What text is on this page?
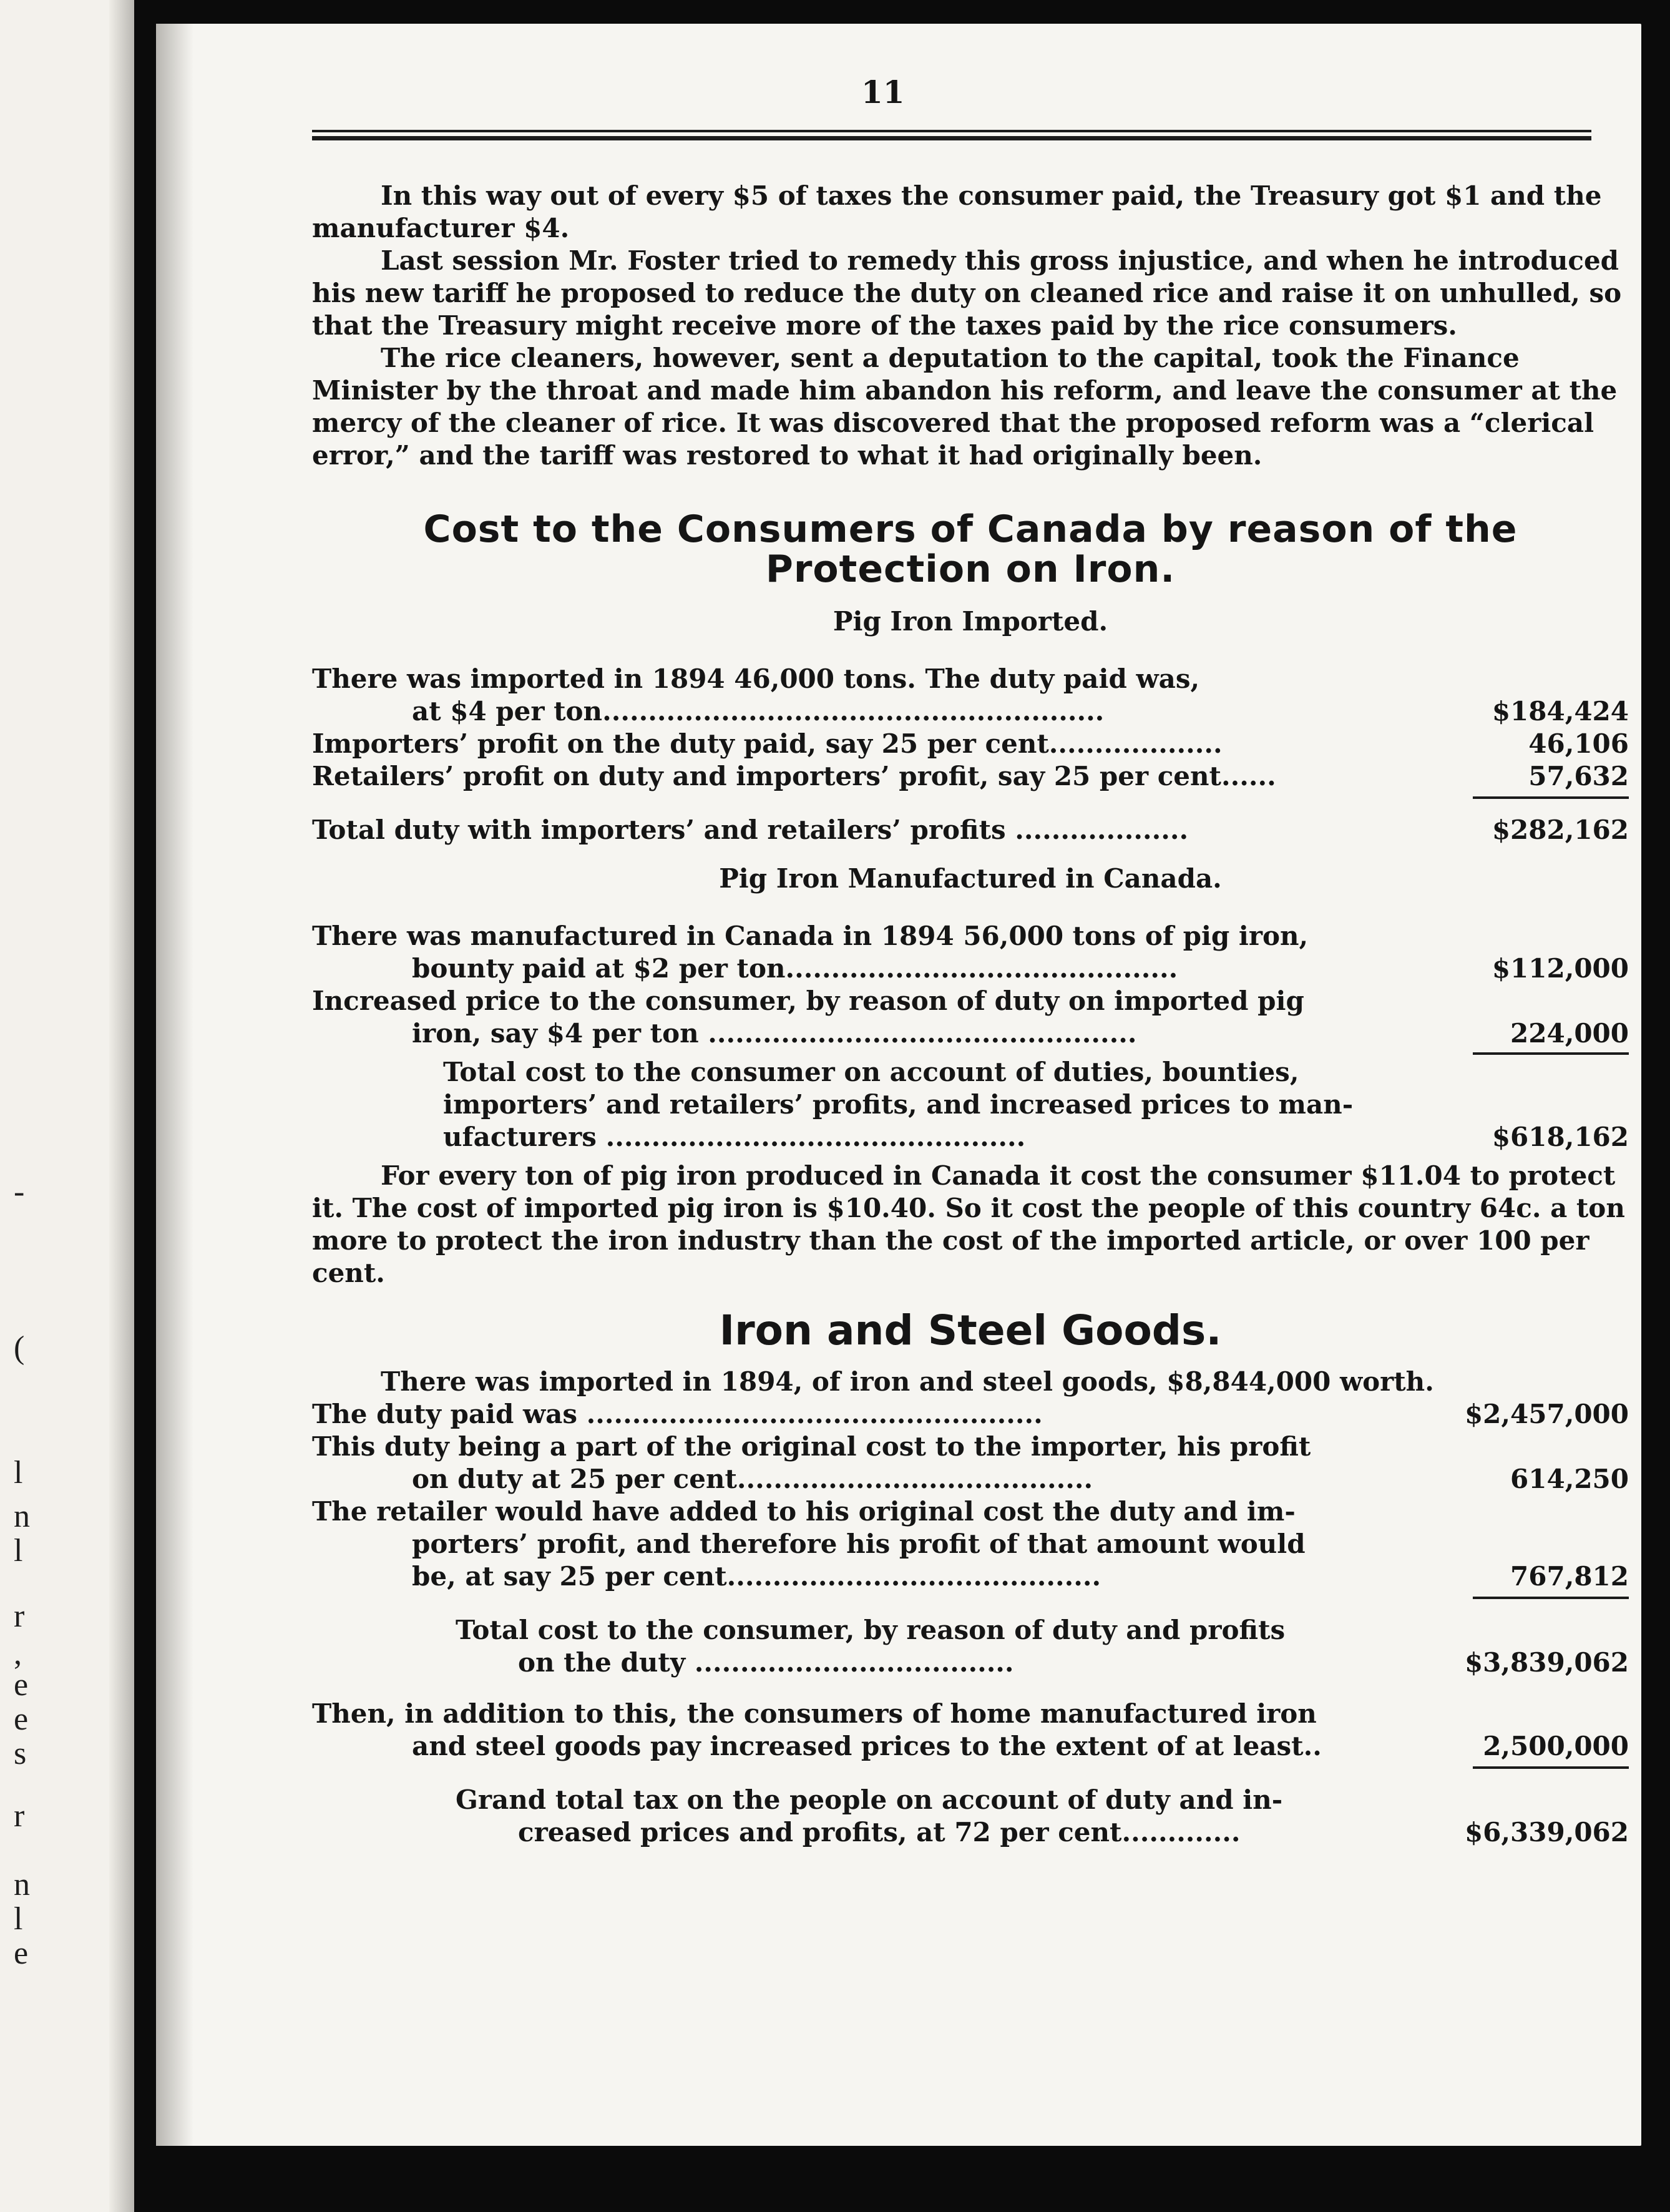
-
(
l
n
l
r
,
e
e
s
r
n
l
e
11

In this way out of every $5 of taxes the consumer paid, the Treasury got $1 and the manufacturer $4.

Last session Mr. Foster tried to remedy this gross injustice, and when he introduced his new tariff he proposed to reduce the duty on cleaned rice and raise it on unhulled, so that the Treasury might receive more of the taxes paid by the rice consumers.

The rice cleaners, however, sent a deputation to the capital, took the Finance Minister by the throat and made him abandon his reform, and leave the consumer at the mercy of the cleaner of rice. It was discovered that the proposed reform was a “clerical error,” and the tariff was restored to what it had originally been.

Cost to the Consumers of Canada by reason of the Protection on Iron.
Pig Iron Imported.
There was imported in 1894 46,000 tons. The duty paid was,
at $4 per ton.......................................................	$184,424
Importers’ profit on the duty paid, say 25 per cent...................	46,106
Retailers’ profit on duty and importers’ profit, say 25 per cent......	57,632
Total duty with importers’ and retailers’ profits ...................	$282,162
Pig Iron Manufactured in Canada.
There was manufactured in Canada in 1894 56,000 tons of pig iron,
bounty paid at $2 per ton...........................................	$112,000
Increased price to the consumer, by reason of duty on imported pig
iron, say $4 per ton ...............................................	224,000
Total cost to the consumer on account of duties, bounties,
importers’ and retailers’ profits, and increased prices to man-
ufacturers ..............................................	$618,162

For every ton of pig iron produced in Canada it cost the consumer $11.04 to protect it. The cost of imported pig iron is $10.40. So it cost the people of this country 64c. a ton more to protect the iron industry than the cost of the imported article, or over 100 per cent.

Iron and Steel Goods.

There was imported in 1894, of iron and steel goods, $8,844,000 worth.

The duty paid was ..................................................	$2,457,000
This duty being a part of the original cost to the importer, his profit
on duty at 25 per cent.......................................	614,250
The retailer would have added to his original cost the duty and im-
porters’ profit, and therefore his profit of that amount would
be, at say 25 per cent.........................................	767,812
Total cost to the consumer, by reason of duty and profits
on the duty ...................................	$3,839,062
Then, in addition to this, the consumers of home manufactured iron
and steel goods pay increased prices to the extent of at least..	2,500,000
Grand total tax on the people on account of duty and in-
creased prices and profits, at 72 per cent.............	$6,339,062
